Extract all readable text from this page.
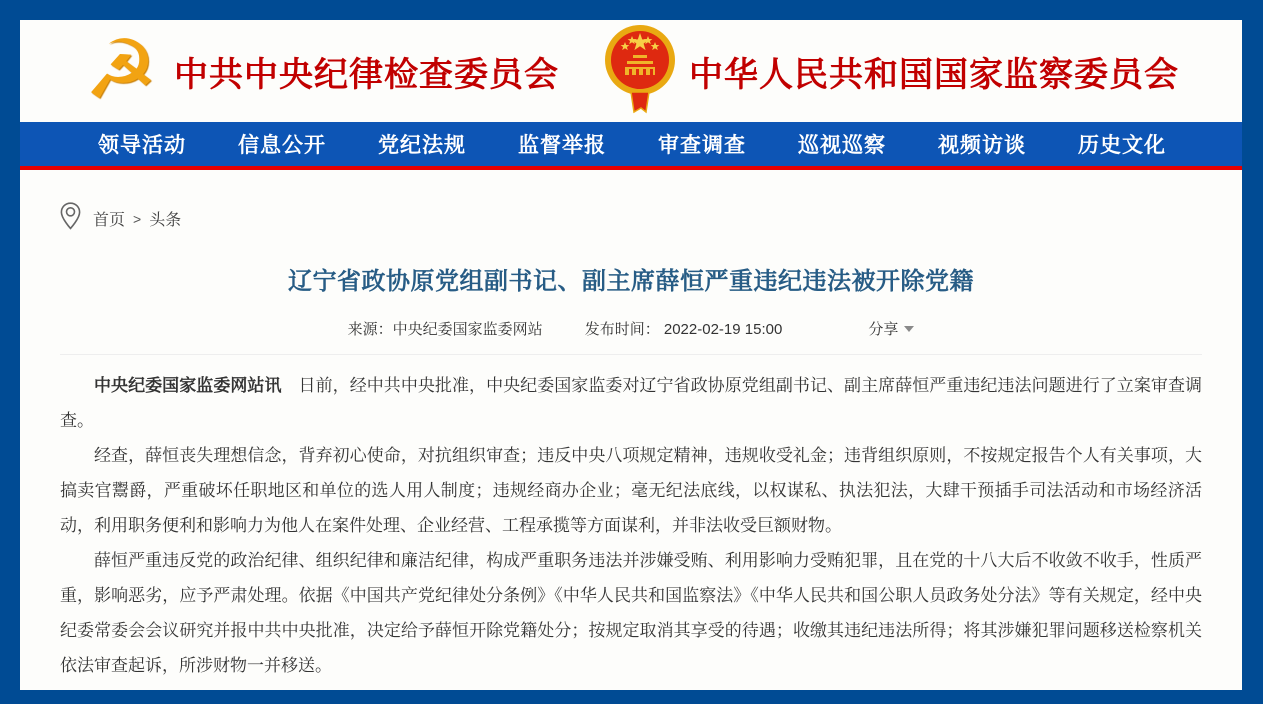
☭ 中共中央纪律检查委员会	中华人民共和国国家监察委员会
领导活动 信息公开 党纪法规 监督举报 审查调查 巡视巡察 视频访谈 历史文化
首页 > 头条
辽宁省政协原党组副书记、副主席薛恒严重违纪违法被开除党籍
来源：中央纪委国家监委网站	发布时间： 2022-02-19 15:00	分享

中央纪委国家监委网站讯　日前，经中共中央批准，中央纪委国家监委对辽宁省政协原党组副书记、副主席薛恒严重违纪违法问题进行了立案审查调查。

经查，薛恒丧失理想信念，背弃初心使命，对抗组织审查；违反中央八项规定精神，违规收受礼金；违背组织原则，不按规定报告个人有关事项，大搞卖官鬻爵，严重破坏任职地区和单位的选人用人制度；违规经商办企业；毫无纪法底线，以权谋私、执法犯法，大肆干预插手司法活动和市场经济活动，利用职务便利和影响力为他人在案件处理、企业经营、工程承揽等方面谋利，并非法收受巨额财物。

薛恒严重违反党的政治纪律、组织纪律和廉洁纪律，构成严重职务违法并涉嫌受贿、利用影响力受贿犯罪，且在党的十八大后不收敛不收手，性质严重，影响恶劣，应予严肃处理。依据《中国共产党纪律处分条例》《中华人民共和国监察法》《中华人民共和国公职人员政务处分法》等有关规定，经中央纪委常委会会议研究并报中共中央批准，决定给予薛恒开除党籍处分；按规定取消其享受的待遇；收缴其违纪违法所得；将其涉嫌犯罪问题移送检察机关依法审查起诉，所涉财物一并移送。
